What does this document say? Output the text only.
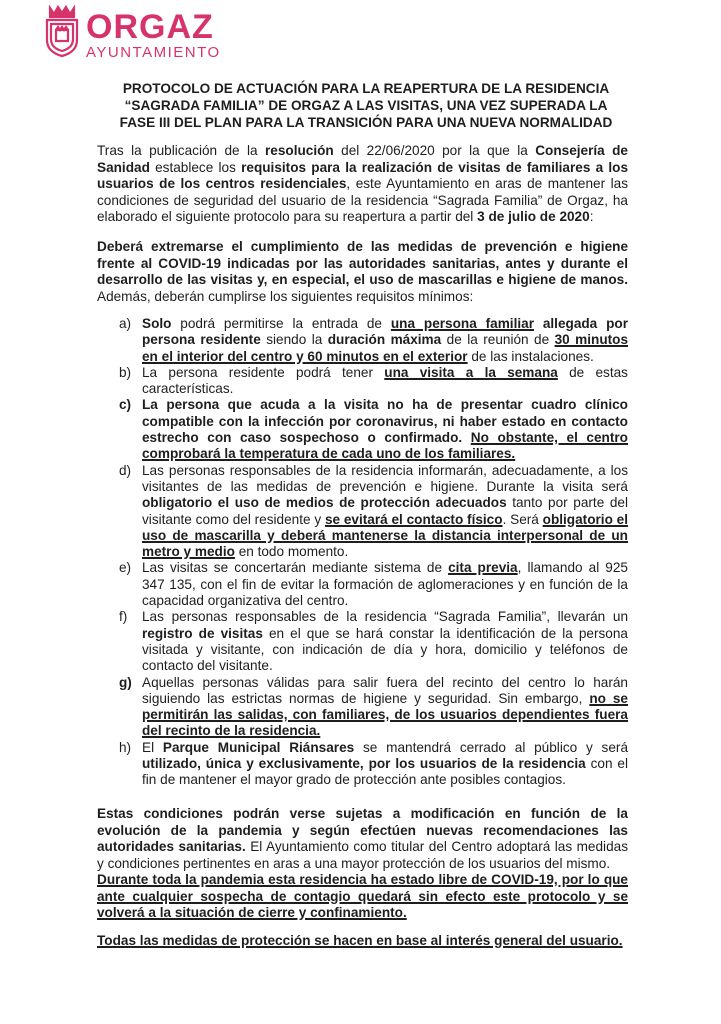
ORGAZ
AYUNTAMIENTO
PROTOCOLO DE ACTUACIÓN PARA LA REAPERTURA DE LA RESIDENCIA
“SAGRADA FAMILIA” DE ORGAZ A LAS VISITAS, UNA VEZ SUPERADA LA
FASE III DEL PLAN PARA LA TRANSICIÓN PARA UNA NUEVA NORMALIDAD
Tras la publicación de la resolución del 22/06/2020 por la que la Consejería de Sanidad establece los requisitos para la realización de visitas de familiares a los usuarios de los centros residenciales, este Ayuntamiento en aras de mantener las condiciones de seguridad del usuario de la residencia “Sagrada Familia” de Orgaz, ha elaborado el siguiente protocolo para su reapertura a partir del 3 de julio de 2020:
Deberá extremarse el cumplimiento de las medidas de prevención e higiene frente al COVID-19 indicadas por las autoridades sanitarias, antes y durante el desarrollo de las visitas y, en especial, el uso de mascarillas e higiene de manos. Además, deberán cumplirse los siguientes requisitos mínimos:
a) Solo podrá permitirse la entrada de una persona familiar allegada por persona residente siendo la duración máxima de la reunión de 30 minutos en el interior del centro y 60 minutos en el exterior de las instalaciones.
b) La persona residente podrá tener una visita a la semana de estas características.
c) La persona que acuda a la visita no ha de presentar cuadro clínico compatible con la infección por coronavirus, ni haber estado en contacto estrecho con caso sospechoso o confirmado. No obstante, el centro comprobará la temperatura de cada uno de los familiares.
d) Las personas responsables de la residencia informarán, adecuadamente, a los visitantes de las medidas de prevención e higiene. Durante la visita será obligatorio el uso de medios de protección adecuados tanto por parte del visitante como del residente y se evitará el contacto físico. Será obligatorio el uso de mascarilla y deberá mantenerse la distancia interpersonal de un metro y medio en todo momento.
e) Las visitas se concertarán mediante sistema de cita previa, llamando al 925 347 135, con el fin de evitar la formación de aglomeraciones y en función de la capacidad organizativa del centro.
f)	Las personas responsables de la residencia “Sagrada Familia”, llevarán un registro de visitas en el que se hará constar la identificación de la persona visitada y visitante, con indicación de día y hora, domicilio y teléfonos de contacto del visitante.
g) Aquellas personas válidas para salir fuera del recinto del centro lo harán siguiendo las estrictas normas de higiene y seguridad. Sin embargo, no se permitirán las salidas, con familiares, de los usuarios dependientes fuera del recinto de la residencia.
h) El Parque Municipal Riánsares se mantendrá cerrado al público y será utilizado, única y exclusivamente, por los usuarios de la residencia con el fin de mantener el mayor grado de protección ante posibles contagios.
Estas condiciones podrán verse sujetas a modificación en función de la evolución de la pandemia y según efectúen nuevas recomendaciones las autoridades sanitarias. El Ayuntamiento como titular del Centro adoptará las medidas y condiciones pertinentes en aras a una mayor protección de los usuarios del mismo.
Durante toda la pandemia esta residencia ha estado libre de COVID-19, por lo que ante cualquier sospecha de contagio quedará sin efecto este protocolo y se volverá a la situación de cierre y confinamiento.
Todas las medidas de protección se hacen en base al interés general del usuario.
